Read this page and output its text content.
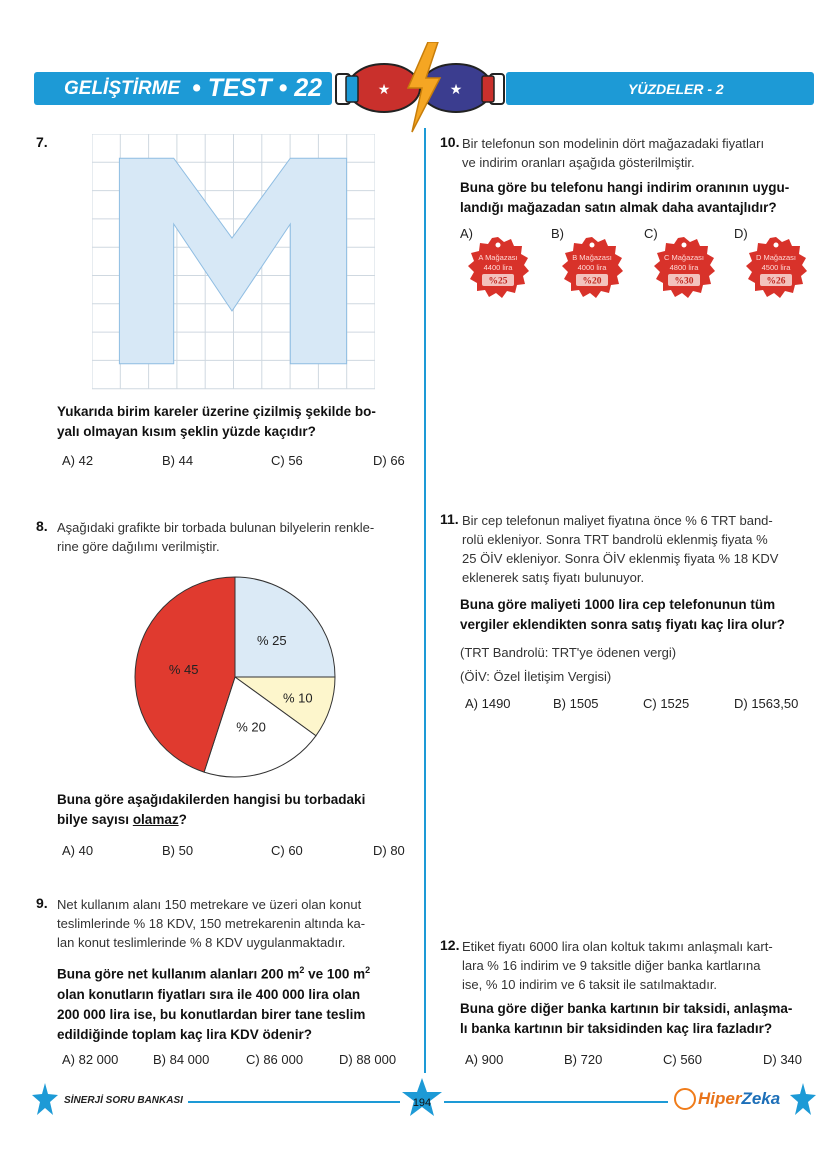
GELİŞTİRME • TEST • 22	YÜZDELER - 2
★	★
7.
Yukarıda birim kareler üzerine çizilmiş şekilde bo-
yalı olmayan kısım şeklin yüzde kaçıdır?
A) 42	B) 44	C) 56	D) 66
8. Aşağıdaki grafikte bir torbada bulunan bilyelerin renkle-
rine göre dağılımı verilmiştir.
% 25
% 10
% 20
% 45
Buna göre aşağıdakilerden hangisi bu torbadaki
bilye sayısı olamaz?
A) 40	B) 50	C) 60	D) 80
9. Net kullanım alanı 150 metrekare ve üzeri olan konut
teslimlerinde % 18 KDV, 150 metrekarenin altında ka-
lan konut teslimlerinde % 8 KDV uygulanmaktadır.
Buna göre net kullanım alanları 200 $m^2$ ve 100 $m^2$
olan konutların fiyatları sıra ile 400 000 lira olan
200 000 lira ise, bu konutlardan birer tane teslim
edildiğinde toplam kaç lira KDV ödenir?
A) 82 000	B) 84 000	C) 86 000	D) 88 000
10. Bir telefonun son modelinin dört mağazadaki fiyatları
ve indirim oranları aşağıda gösterilmiştir.
Buna göre bu telefonu hangi indirim oranının uygu-
landığı mağazadan satın almak daha avantajlıdır?
A)	B)	C)	D)
A Mağazası
4400 lira
%25
B Mağazası
4000 lira
%20
C Mağazası
4800 lira
%30
D Mağazası
4500 lira
%26
11. Bir cep telefonun maliyet fiyatına önce % 6 TRT band-
rolü ekleniyor. Sonra TRT bandrolü eklenmiş fiyata %
25 ÖİV ekleniyor. Sonra ÖİV eklenmiş fiyata % 18 KDV
eklenerek satış fiyatı bulunuyor.
Buna göre maliyeti 1000 lira cep telefonunun tüm
vergiler eklendikten sonra satış fiyatı kaç lira olur?
(TRT Bandrolü: TRT'ye ödenen vergi)
(ÖİV: Özel İletişim Vergisi)
A) 1490	B) 1505	C) 1525	D) 1563,50
12. Etiket fiyatı 6000 lira olan koltuk takımı anlaşmalı kart-
lara % 16 indirim ve 9 taksitle diğer banka kartlarına
ise, % 10 indirim ve 6 taksit ile satılmaktadır.
Buna göre diğer banka kartının bir taksidi, anlaşma-
lı banka kartının bir taksidinden kaç lira fazladır?
A) 900	B) 720	C) 560	D) 340
SİNERJİ SORU BANKASI	194	HiperZeka
